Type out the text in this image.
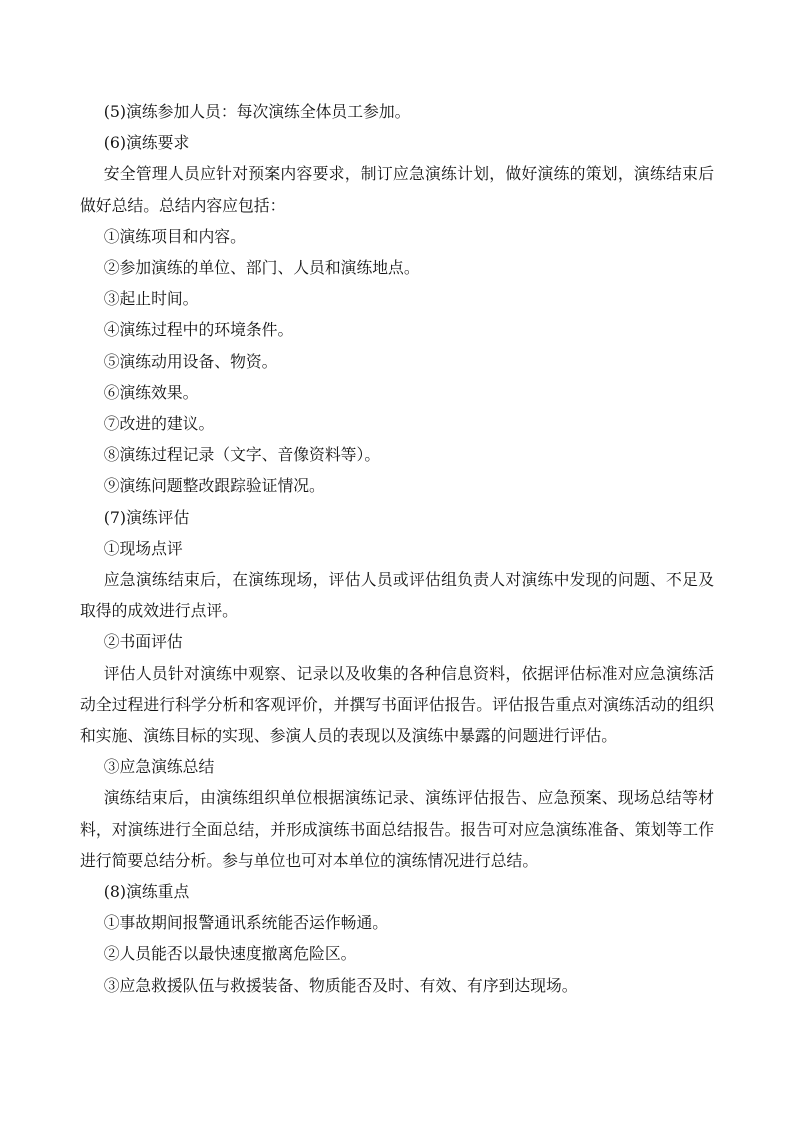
(5)演练参加人员：每次演练全体员工参加。

(6)演练要求

安全管理人员应针对预案内容要求，制订应急演练计划，做好演练的策划，演练结束后做好总结。总结内容应包括：

①演练项目和内容。

②参加演练的单位、部门、人员和演练地点。

③起止时间。

④演练过程中的环境条件。

⑤演练动用设备、物资。

⑥演练效果。

⑦改进的建议。

⑧演练过程记录（文字、音像资料等）。

⑨演练问题整改跟踪验证情况。

(7)演练评估

①现场点评

应急演练结束后，在演练现场，评估人员或评估组负责人对演练中发现的问题、不足及取得的成效进行点评。

②书面评估

评估人员针对演练中观察、记录以及收集的各种信息资料，依据评估标准对应急演练活动全过程进行科学分析和客观评价，并撰写书面评估报告。评估报告重点对演练活动的组织和实施、演练目标的实现、参演人员的表现以及演练中暴露的问题进行评估。

③应急演练总结

演练结束后，由演练组织单位根据演练记录、演练评估报告、应急预案、现场总结等材料，对演练进行全面总结，并形成演练书面总结报告。报告可对应急演练准备、策划等工作进行简要总结分析。参与单位也可对本单位的演练情况进行总结。

(8)演练重点

①事故期间报警通讯系统能否运作畅通。

②人员能否以最快速度撤离危险区。

③应急救援队伍与救援装备、物质能否及时、有效、有序到达现场。
